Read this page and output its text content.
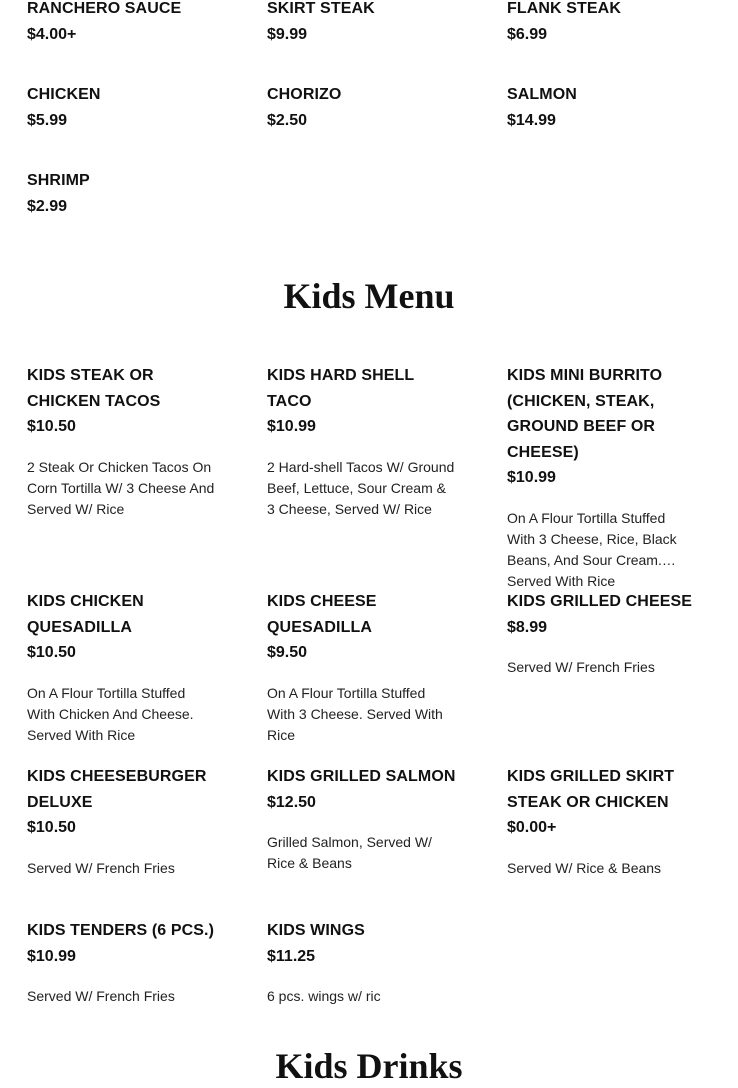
RANCHERO SAUCE

$4.00+

SKIRT STEAK

$9.99

FLANK STEAK

$6.99

CHICKEN

$5.99

CHORIZO

$2.50

SALMON

$14.99

SHRIMP

$2.99

Kids Menu

KIDS STEAK OR CHICKEN TACOS

$10.50

2 Steak Or Chicken Tacos On Corn Tortilla W/ 3 Cheese And Served W/ Rice

KIDS HARD SHELL TACO

$10.99

2 Hard-shell Tacos W/ Ground Beef, Lettuce, Sour Cream & 3 Cheese, Served W/ Rice

KIDS MINI BURRITO (CHICKEN, STEAK, GROUND BEEF OR CHEESE)

$10.99

On A Flour Tortilla Stuffed With 3 Cheese, Rice, Black Beans, And Sour Cream. Served With Rice

KIDS CHICKEN QUESADILLA

$10.50

On A Flour Tortilla Stuffed With Chicken And Cheese. Served With Rice

KIDS CHEESE QUESADILLA

$9.50

On A Flour Tortilla Stuffed With 3 Cheese. Served With Rice

KIDS GRILLED CHEESE

$8.99

Served W/ French Fries

KIDS CHEESEBURGER DELUXE

$10.50

Served W/ French Fries

KIDS GRILLED SALMON

$12.50

Grilled Salmon, Served W/ Rice & Beans

KIDS GRILLED SKIRT STEAK OR CHICKEN

$0.00+

Served W/ Rice & Beans

KIDS TENDERS (6 PCS.)

$10.99

Served W/ French Fries

KIDS WINGS

$11.25

6 pcs. wings w/ ric

Kids Drinks
